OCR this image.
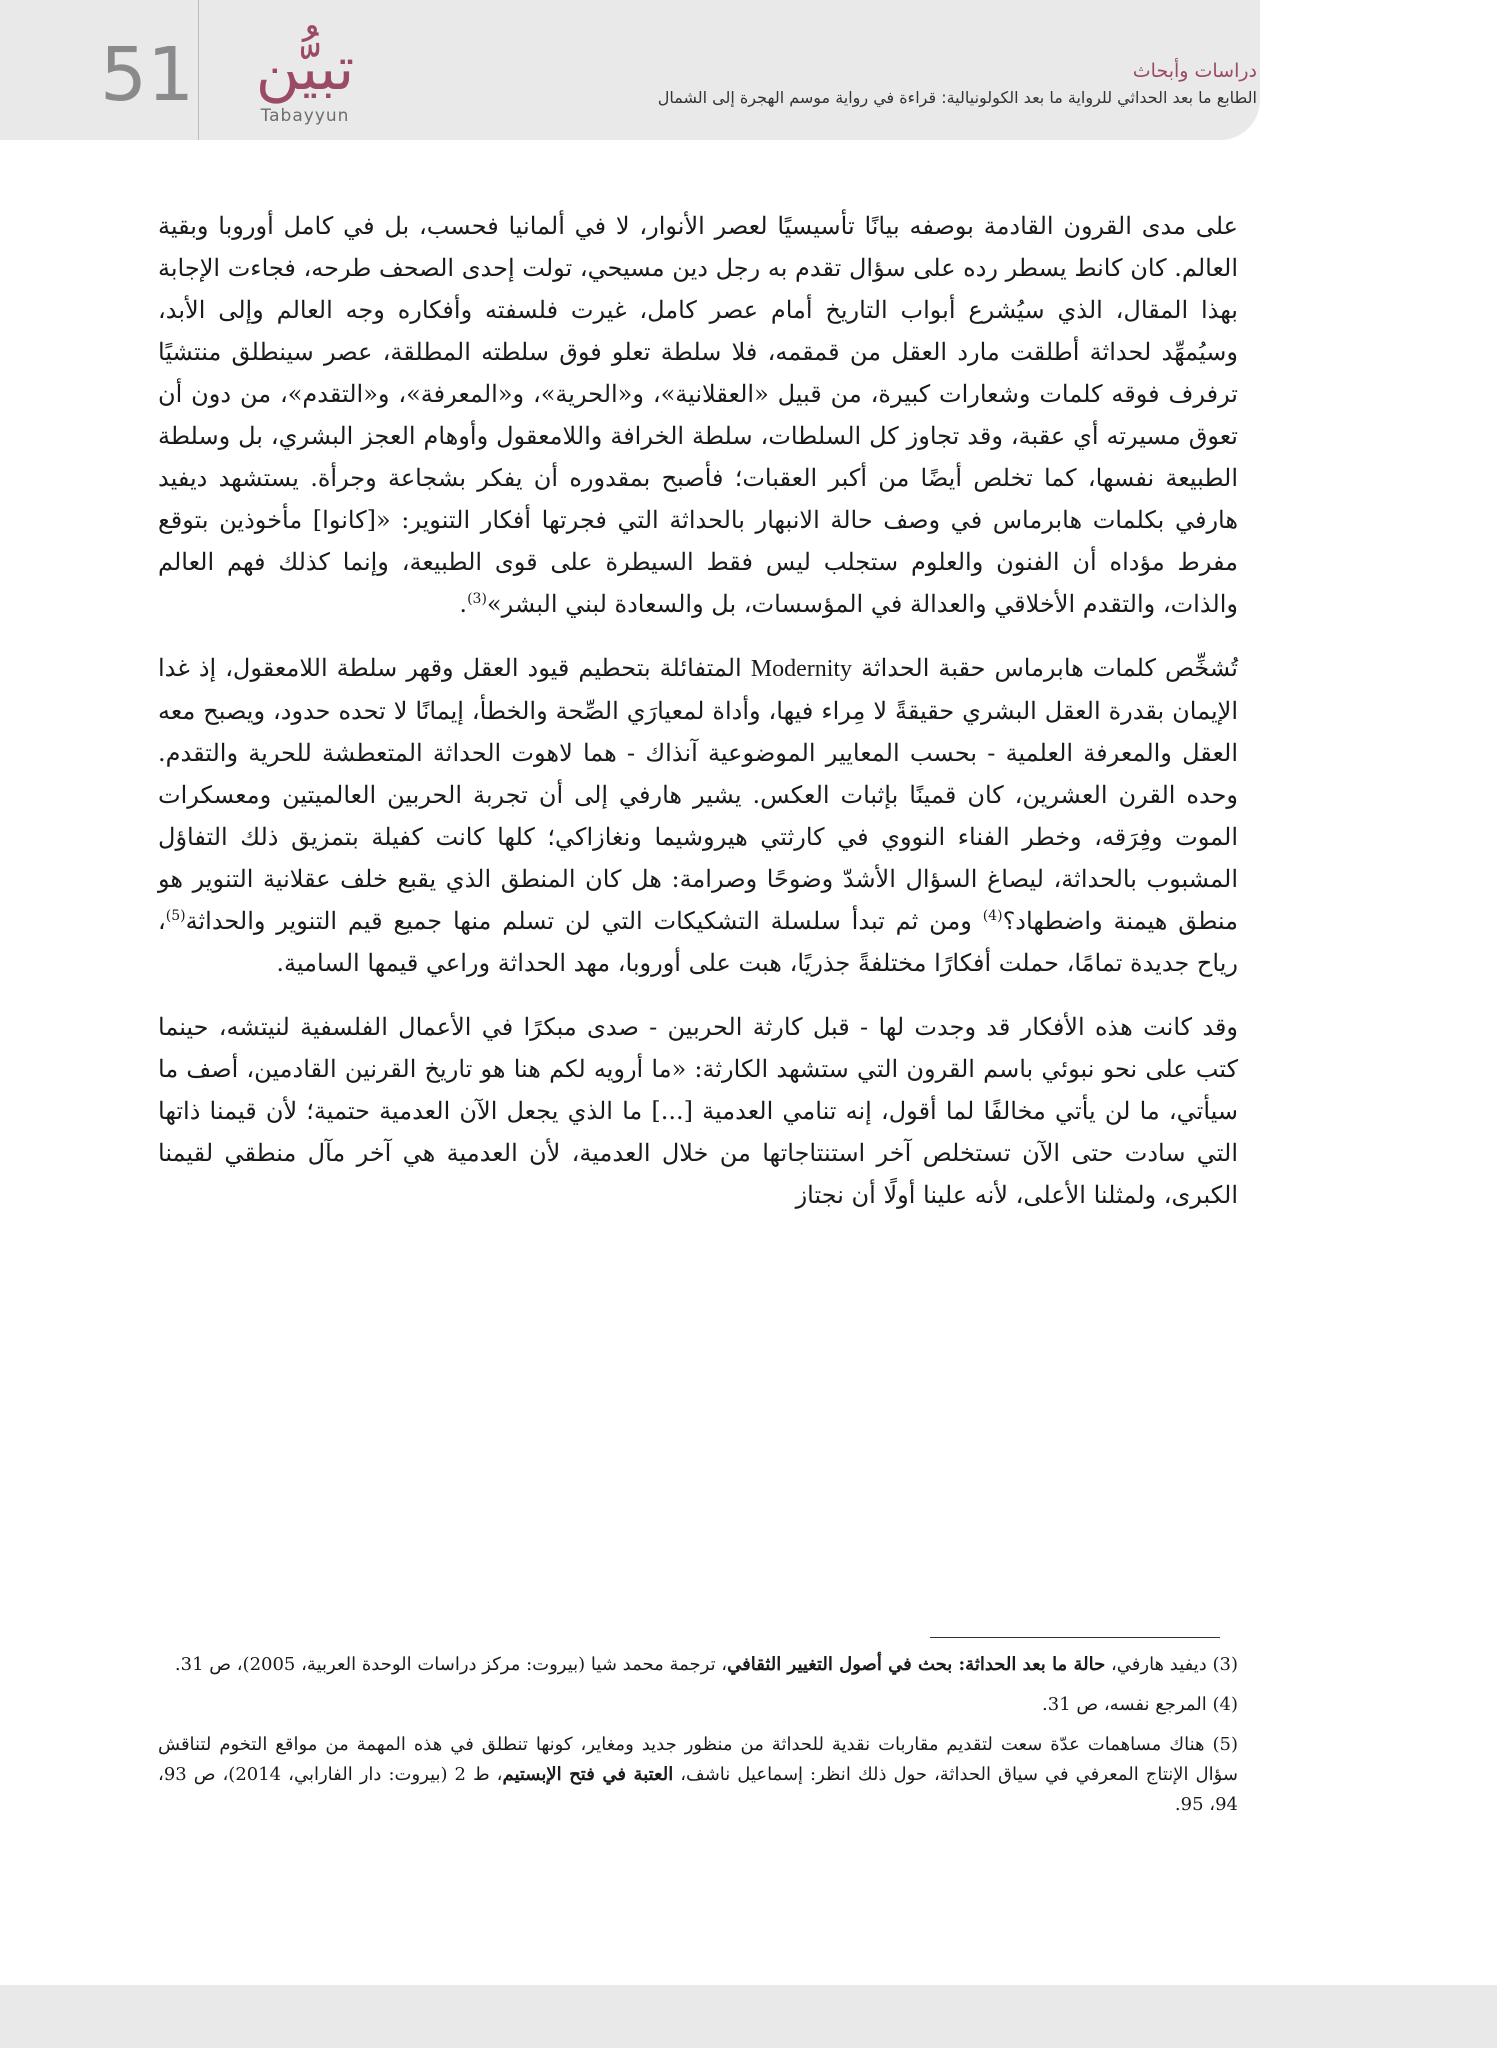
51	تبيُّن
Tabayyun
دراسات وأبحاث
الطابع ما بعد الحداثي للرواية ما بعد الكولونيالية: قراءة في رواية موسم الهجرة إلى الشمال

على مدى القرون القادمة بوصفه بيانًا تأسيسيًا لعصر الأنوار، لا في ألمانيا فحسب، بل في كامل أوروبا وبقية العالم. كان كانط يسطر رده على سؤال تقدم به رجل دين مسيحي، تولت إحدى الصحف طرحه، فجاءت الإجابة بهذا المقال، الذي سيُشرع أبواب التاريخ أمام عصر كامل، غيرت فلسفته وأفكاره وجه العالم وإلى الأبد، وسيُمهِّد لحداثة أطلقت مارد العقل من قمقمه، فلا سلطة تعلو فوق سلطته المطلقة، عصر سينطلق منتشيًا ترفرف فوقه كلمات وشعارات كبيرة، من قبيل «العقلانية»، و«الحرية»، و«المعرفة»، و«التقدم»، من دون أن تعوق مسيرته أي عقبة، وقد تجاوز كل السلطات، سلطة الخرافة واللامعقول وأوهام العجز البشري، بل وسلطة الطبيعة نفسها، كما تخلص أيضًا من أكبر العقبات؛ فأصبح بمقدوره أن يفكر بشجاعة وجرأة. يستشهد ديفيد هارفي بكلمات هابرماس في وصف حالة الانبهار بالحداثة التي فجرتها أفكار التنوير: «[كانوا] مأخوذين بتوقع مفرط مؤداه أن الفنون والعلوم ستجلب ليس فقط السيطرة على قوى الطبيعة، وإنما كذلك فهم العالم والذات، والتقدم الأخلاقي والعدالة في المؤسسات، بل والسعادة لبني البشر»$^{(3)}$.

تُشخِّص كلمات هابرماس حقبة الحداثة Modernity المتفائلة بتحطيم قيود العقل وقهر سلطة اللامعقول، إذ غدا الإيمان بقدرة العقل البشري حقيقةً لا مِراء فيها، وأداة لمعيارَي الصِّحة والخطأ، إيمانًا لا تحده حدود، ويصبح معه العقل والمعرفة العلمية - بحسب المعايير الموضوعية آنذاك - هما لاهوت الحداثة المتعطشة للحرية والتقدم. وحده القرن العشرين، كان قمينًا بإثبات العكس. يشير هارفي إلى أن تجربة الحربين العالميتين ومعسكرات الموت وفِرَقه، وخطر الفناء النووي في كارثتي هيروشيما ونغازاكي؛ كلها كانت كفيلة بتمزيق ذلك التفاؤل المشبوب بالحداثة، ليصاغ السؤال الأشدّ وضوحًا وصرامة: هل كان المنطق الذي يقبع خلف عقلانية التنوير هو منطق هيمنة واضطهاد؟$^{(4)}$ ومن ثم تبدأ سلسلة التشكيكات التي لن تسلم منها جميع قيم التنوير والحداثة$^{(5)}$، رياح جديدة تمامًا، حملت أفكارًا مختلفةً جذريًا، هبت على أوروبا، مهد الحداثة وراعي قيمها السامية.

وقد كانت هذه الأفكار قد وجدت لها - قبل كارثة الحربين - صدى مبكرًا في الأعمال الفلسفية لنيتشه، حينما كتب على نحو نبوئي باسم القرون التي ستشهد الكارثة: «ما أرويه لكم هنا هو تاريخ القرنين القادمين، أصف ما سيأتي، ما لن يأتي مخالفًا لما أقول، إنه تنامي العدمية [...] ما الذي يجعل الآن العدمية حتمية؛ لأن قيمنا ذاتها التي سادت حتى الآن تستخلص آخر استنتاجاتها من خلال العدمية، لأن العدمية هي آخر مآل منطقي لقيمنا الكبرى، ولمثلنا الأعلى، لأنه علينا أولًا أن نجتاز

(3) ديفيد هارفي، حالة ما بعد الحداثة: بحث في أصول التغيير الثقافي، ترجمة محمد شيا (بيروت: مركز دراسات الوحدة العربية، 2005)، ص 31.
(4) المرجع نفسه، ص 31.
(5) هناك مساهمات عدّة سعت لتقديم مقاربات نقدية للحداثة من منظور جديد ومغاير، كونها تنطلق في هذه المهمة من مواقع التخوم لتناقش سؤال الإنتاج المعرفي في سياق الحداثة، حول ذلك انظر: إسماعيل ناشف، العتبة في فتح الإبستيم، ط 2 (بيروت: دار الفارابي، 2014)، ص 93، 94، 95.
